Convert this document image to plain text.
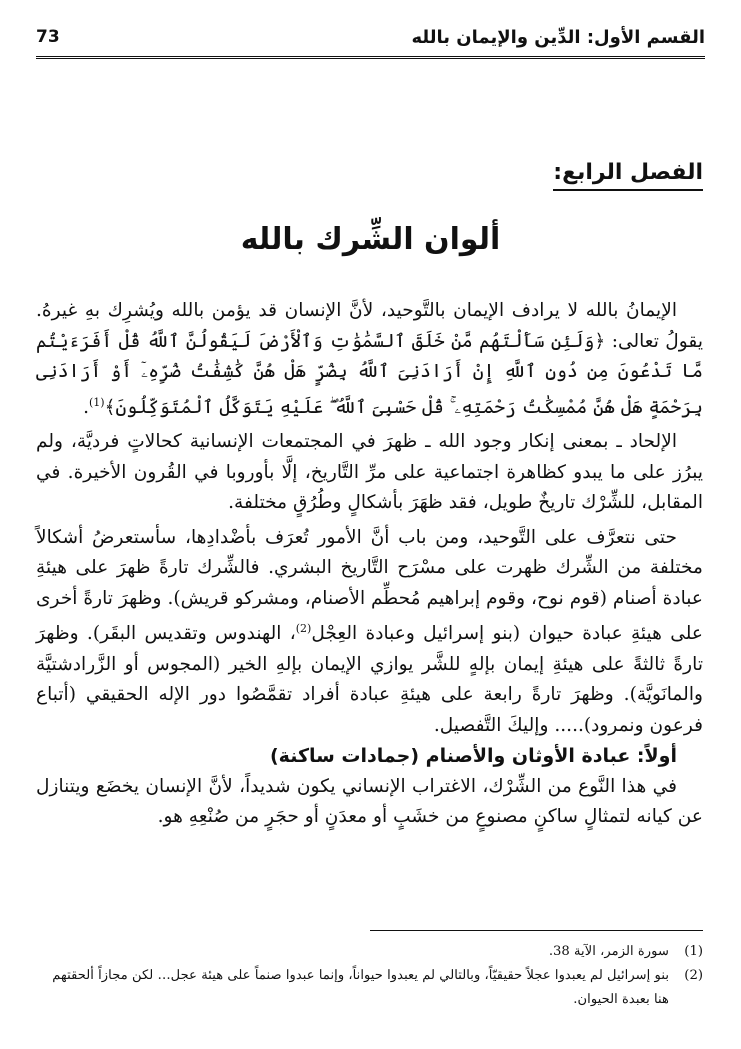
73	القسم الأول: الدِّين والإيمان بالله
الفصل الرابع:
ألوان الشِّرك بالله

الإيمانُ بالله لا يرادف الإيمان بالتَّوحيد، لأنَّ الإنسان قد يؤمن بالله ويُشرِك بهِ غيرهُ. يقولُ تعالى: ﴿وَلَئِن سَأَلْتَهُم مَّنْ خَلَقَ ٱلسَّمَٰوَٰتِ وَٱلْأَرْضَ لَيَقُولُنَّ ٱللَّهُ قُلْ أَفَرَءَيْتُم مَّا تَدْعُونَ مِن دُونِ ٱللَّهِ إِنْ أَرَادَنِىَ ٱللَّهُ بِضُرٍّ هَلْ هُنَّ كَٰشِفَٰتُ ضُرِّهِۦٓ أَوْ أَرَادَنِى بِرَحْمَةٍ هَلْ هُنَّ مُمْسِكَٰتُ رَحْمَتِهِۦ ۚ قُلْ حَسْبِىَ ٱللَّهُ ۖ عَلَيْهِ يَتَوَكَّلُ ٱلْمُتَوَكِّلُونَ﴾$^{(1)}$.

الإلحاد ـ بمعنى إنكار وجود الله ـ ظهرَ في المجتمعات الإنسانية كحالاتٍ فرديَّة، ولم يبرُز على ما يبدو كظاهرة اجتماعية على مرِّ التَّاريخ، إلَّا بأوروبا في القُرون الأخيرة. في المقابل، للشِّرْك تاريخٌ طويل، فقد ظهَرَ بأشكالٍ وطُرُقٍ مختلفة.

حتى نتعرَّف على التَّوحيد، ومن باب أنَّ الأمور تُعرَف بأضْدادِها، سأستعرضُ أشكالاً مختلفة من الشِّرك ظهرت على مسْرَح التَّاريخ البشري. فالشِّرك تارةً ظهرَ على هيئةِ عبادة أصنام (قوم نوح، وقوم إبراهيم مُحطِّم الأصنام، ومشركو قريش). وظهرَ تارةً أخرى على هيئةِ عبادة حيوان (بنو إسرائيل وعبادة العِجْل$^{(2)}$، الهندوس وتقديس البقَر). وظهرَ تارةً ثالثةً على هيئةِ إيمان بإلهٍ للشَّر يوازي الإيمان بإلهِ الخير (المجوس أو الزَّرادشتيَّة والمانَويَّة). وظهرَ تارةً رابعة على هيئةِ عبادة أفراد تقمَّصُوا دور الإله الحقيقي (أتباع فرعون ونمرود)..... وإليكَ التَّفصيل.

أولاً: عبادة الأوثان والأصنام (جمادات ساكنة)

في هذا النَّوع من الشِّرْك، الاغتراب الإنساني يكون شديداً، لأنَّ الإنسان يخضَع ويتنازل عن كيانه لتمثالٍ ساكنٍ مصنوعٍ من خشَبٍ أو معدَنٍ أو حجَرٍ من صُنْعِهِ هو.

(1)
سورة الزمر، الآية 38.
(2)
بنو إسرائيل لم يعبدوا عجلاً حقيقيّاً، وبالتالي لم يعبدوا حيواناً، وإنما عبدوا صنماً على هيئة عجل… لكن مجازاً ألحقتهم هنا بعبدة الحيوان.
